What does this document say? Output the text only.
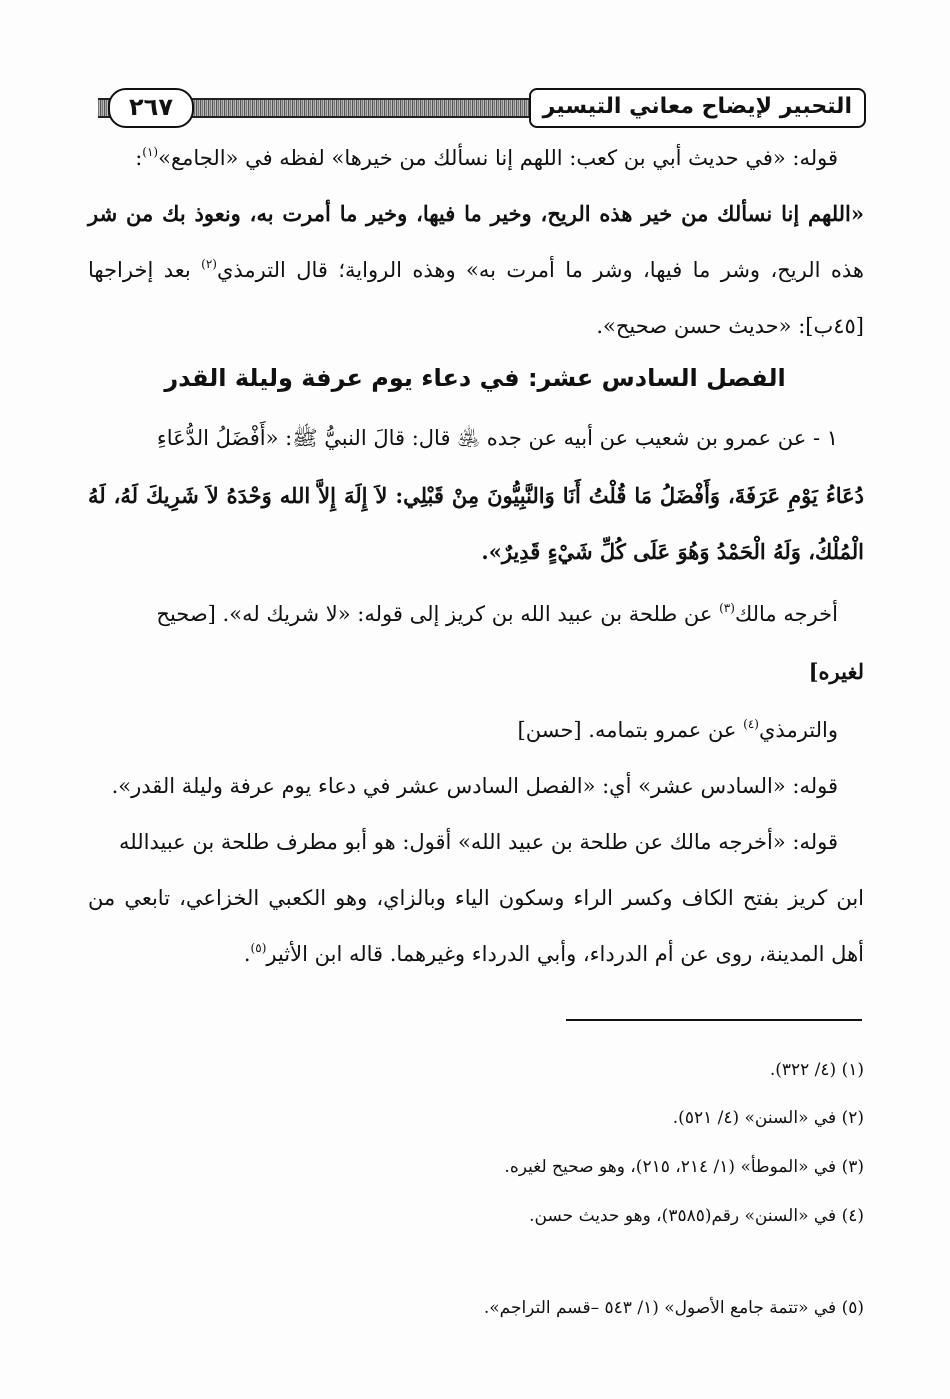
٢٦٧	التحبير لإيضاح معاني التيسير
قوله: «في حديث أبي بن كعب: اللهم إنا نسألك من خيرها» لفظه في «الجامع»$^{(١)}$:
«اللهم إنا نسألك من خير هذه الريح، وخير ما فيها، وخير ما أمرت به، ونعوذ بك من شر
هذه الريح، وشر ما فيها، وشر ما أمرت به» وهذه الرواية؛ قال الترمذي$^{(٢)}$ بعد إخراجها
[٤٥ب]: «حديث حسن صحيح».
الفصل السادس عشر: في دعاء يوم عرفة وليلة القدر
١ - عن عمرو بن شعيب عن أبيه عن جده ﵁ قال: قالَ النبيُّ ﷺ: «أَفْضَلُ الدُّعَاءِ
دُعَاءُ يَوْمِ عَرَفَةَ، وَأَفْضَلُ مَا قُلْتُ أَنَا وَالنَّبِيُّونَ مِنْ قَبْلِي: لاَ إِلَهَ إِلاَّ الله وَحْدَهُ لاَ شَرِيكَ لَهُ، لَهُ
الْمُلْكُ، وَلَهُ الْحَمْدُ وَهُوَ عَلَى كُلِّ شَيْءٍ قَدِيرٌ».
أخرجه مالك$^{(٣)}$ عن طلحة بن عبيد الله بن كريز إلى قوله: «لا شريك له». [صحيح
لغيره]
والترمذي$^{(٤)}$ عن عمرو بتمامه. [حسن]
قوله: «السادس عشر» أي: «الفصل السادس عشر في دعاء يوم عرفة وليلة القدر».
قوله: «أخرجه مالك عن طلحة بن عبيد الله» أقول: هو أبو مطرف طلحة بن عبيدالله
ابن كريز بفتح الكاف وكسر الراء وسكون الياء وبالزاي، وهو الكعبي الخزاعي، تابعي من
أهل المدينة، روى عن أم الدرداء، وأبي الدرداء وغيرهما. قاله ابن الأثير$^{(٥)}$.
(١) (٤/ ٣٢٢).
(٢) في «السنن» (٤/ ٥٢١).
(٣) في «الموطأ» (١/ ٢١٤، ٢١٥)، وهو صحيح لغيره.
(٤) في «السنن» رقم(٣٥٨٥)، وهو حديث حسن.
(٥) في «تتمة جامع الأصول» (١/ ٥٤٣ –قسم التراجم».
